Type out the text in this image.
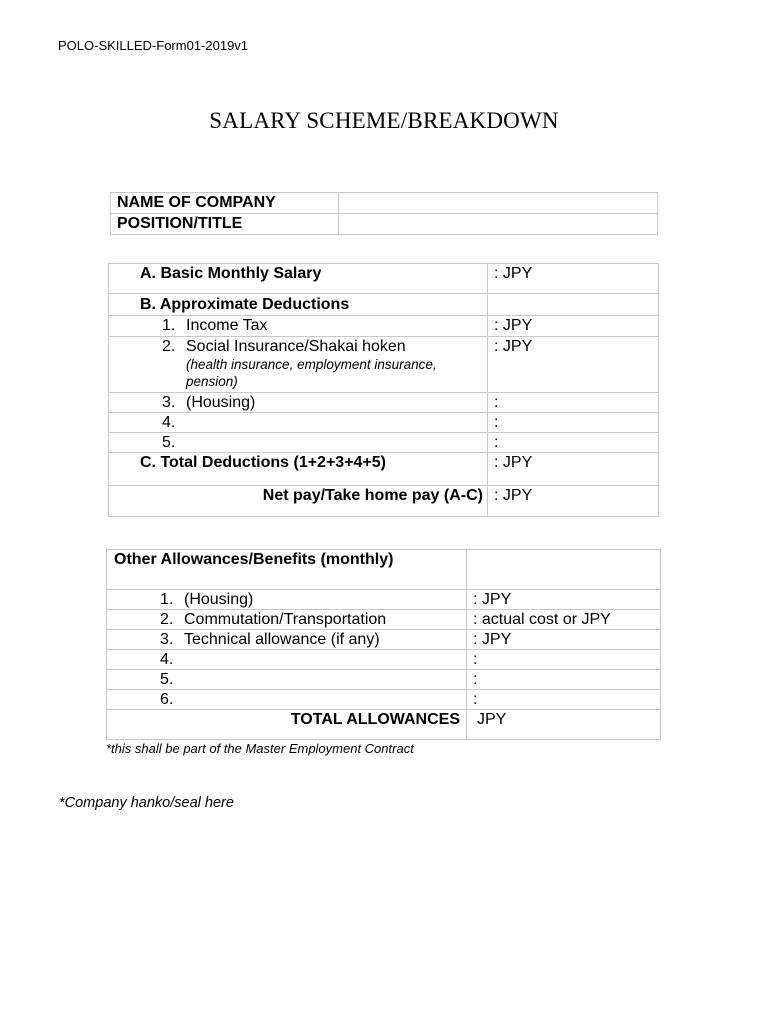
POLO-SKILLED-Form01-2019v1
SALARY SCHEME/BREAKDOWN
NAME OF COMPANY	
POSITION/TITLE	
A. Basic Monthly Salary	: JPY
B. Approximate Deductions	

1. Income Tax	: JPY

2. Social Insurance/Shakai hoken
(health insurance, employment insurance, pension)	: JPY

3. (Housing)	:

4.	:

5.	:
C. Total Deductions (1+2+3+4+5)	: JPY
Net pay/Take home pay (A-C)	: JPY
Other Allowances/Benefits (monthly)	

1. (Housing)	: JPY

2. Commutation/Transportation	: actual cost or JPY

3. Technical allowance (if any)	: JPY

4.	:

5.	:

6.	:
TOTAL ALLOWANCES	JPY
*this shall be part of the Master Employment Contract
*Company hanko/seal here
